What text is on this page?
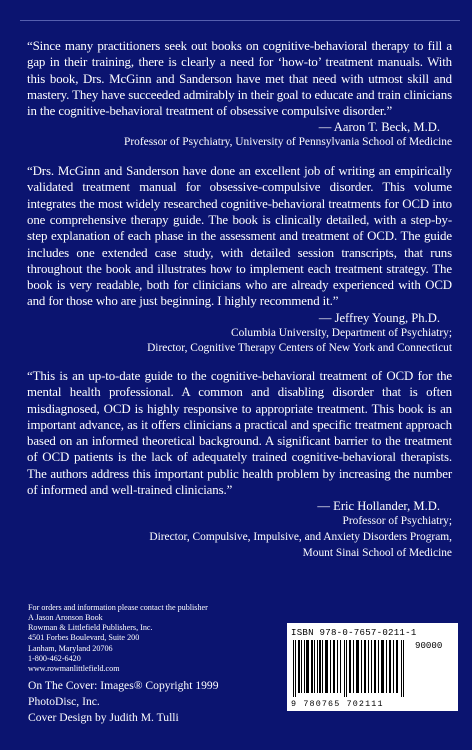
“Since many practitioners seek out books on cognitive-behavioral therapy to fill a gap in their training, there is clearly a need for ‘how-to’ treatment manuals. With this book, Drs. McGinn and Sanderson have met that need with utmost skill and mastery. They have succeeded admirably in their goal to educate and train clinicians in the cognitive-behavioral treatment of obsessive compulsive disorder.”

— Aaron T. Beck, M.D.
Professor of Psychiatry, University of Pennsylvania School of Medicine

“Drs. McGinn and Sanderson have done an excellent job of writing an empirically validated treatment manual for obsessive-compulsive disorder. This volume integrates the most widely researched cognitive-behavioral treatments for OCD into one comprehensive therapy guide. The book is clinically detailed, with a step-by-step explanation of each phase in the assessment and treatment of OCD. The guide includes one extended case study, with detailed session transcripts, that runs throughout the book and illustrates how to implement each treatment strategy. The book is very readable, both for clinicians who are already experienced with OCD and for those who are just beginning. I highly recommend it.”

— Jeffrey Young, Ph.D.
Columbia University, Department of Psychiatry;
Director, Cognitive Therapy Centers of New York and Connecticut

“This is an up-to-date guide to the cognitive-behavioral treatment of OCD for the mental health professional. A common and disabling disorder that is often misdiagnosed, OCD is highly responsive to appropriate treatment. This book is an important advance, as it offers clinicians a practical and specific treatment approach based on an informed theoretical background. A significant barrier to the treatment of OCD patients is the lack of adequately trained cognitive-behavioral therapists. The authors address this important public health problem by increasing the number of informed and well-trained clinicians.”

— Eric Hollander, M.D.
Professor of Psychiatry;
Director, Compulsive, Impulsive, and Anxiety Disorders Program,
Mount Sinai School of Medicine
For orders and information please contact the publisher
A Jason Aronson Book
Rowman & Littlefield Publishers, Inc.
4501 Forbes Boulevard, Suite 200
Lanham, Maryland 20706
1-800-462-6420
www.rowmanlittlefield.com
On The Cover: Images® Copyright 1999
PhotoDisc, Inc.
Cover Design by Judith M. Tulli
ISBN 978-0-7657-0211-1
90000
9 780765 702111
